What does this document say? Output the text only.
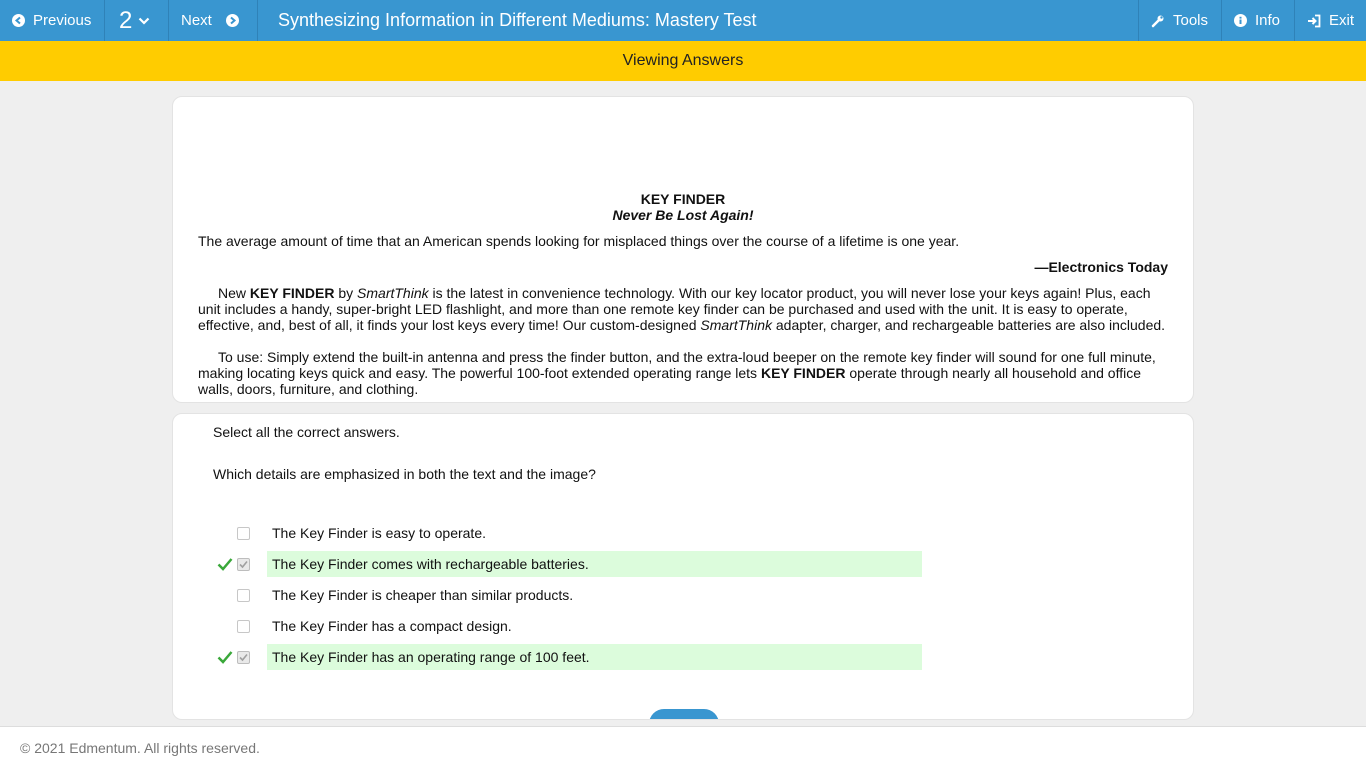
Previous 2	Next	Synthesizing Information in Different Mediums: Mastery Test	Tools	Info	Exit
Viewing Answers
KEY FINDER
Never Be Lost Again!
The average amount of time that an American spends looking for misplaced things over the course of a lifetime is one year.
—Electronics Today
New KEY FINDER by SmartThink is the latest in convenience technology. With our key locator product, you will never lose your keys again! Plus, each unit includes a handy, super-bright LED flashlight, and more than one remote key finder can be purchased and used with the unit. It is easy to operate, effective, and, best of all, it finds your lost keys every time! Our custom-designed SmartThink adapter, charger, and rechargeable batteries are also included.
To use: Simply extend the built-in antenna and press the finder button, and the extra-loud beeper on the remote key finder will sound for one full minute, making locating keys quick and easy. The powerful 100-foot extended operating range lets KEY FINDER operate through nearly all household and office walls, doors, furniture, and clothing.
Select all the correct answers.
Which details are emphasized in both the text and the image?
The Key Finder is easy to operate.
The Key Finder comes with rechargeable batteries.
The Key Finder is cheaper than similar products.
The Key Finder has a compact design.
The Key Finder has an operating range of 100 feet.
© 2021 Edmentum. All rights reserved.
